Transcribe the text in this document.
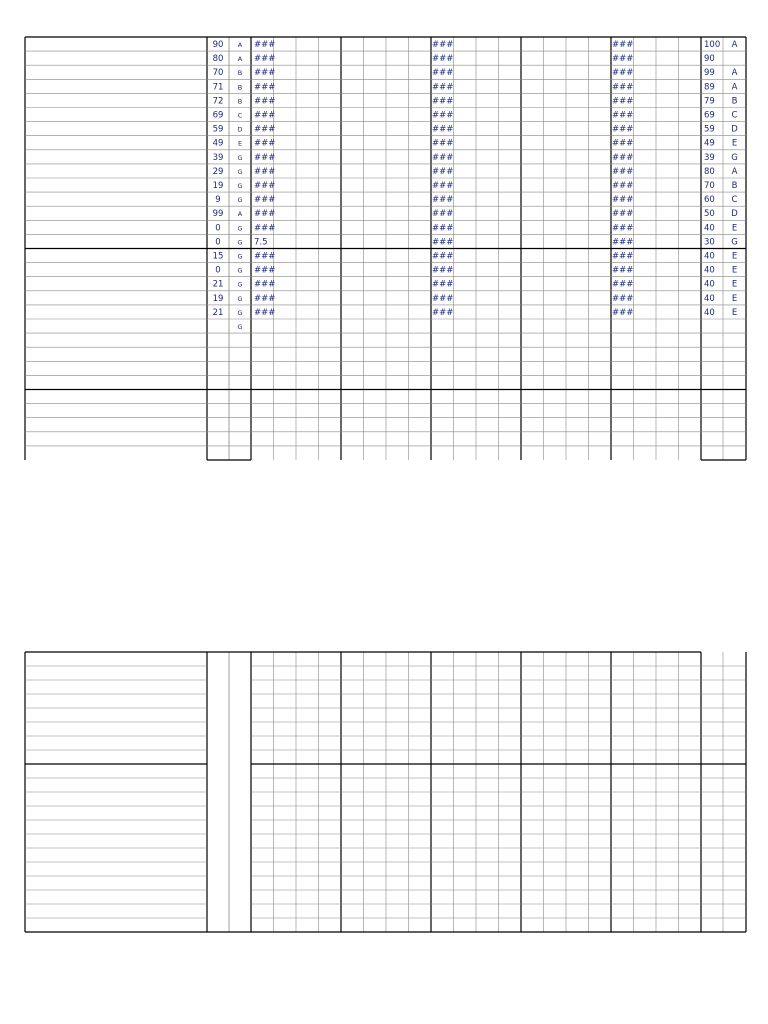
90
80
70
71
72
69
59
49
39
29
19
9
99
0
0
15
0
21
19
21
A
A
B
B
B
C
D
E
G
G
G
G
A
G
G
G
G
G
G
G
G
###
###
###
###
###
###
###
###
###
###
###
###
###
###
7.5
###
###
###
###
###
###
###
###
###
###
###
###
###
###
###
###
###
###
###
###
###
###
###
###
###
###
###
###
###
###
###
###
###
###
###
###
###
###
###
###
###
###
###
###
###
100
90
99
89
79
69
59
49
39
80
70
60
50
40
30
40
40
40
40
40
A
A
A
B
C
D
E
G
A
B
C
D
E
G
E
E
E
E
E
